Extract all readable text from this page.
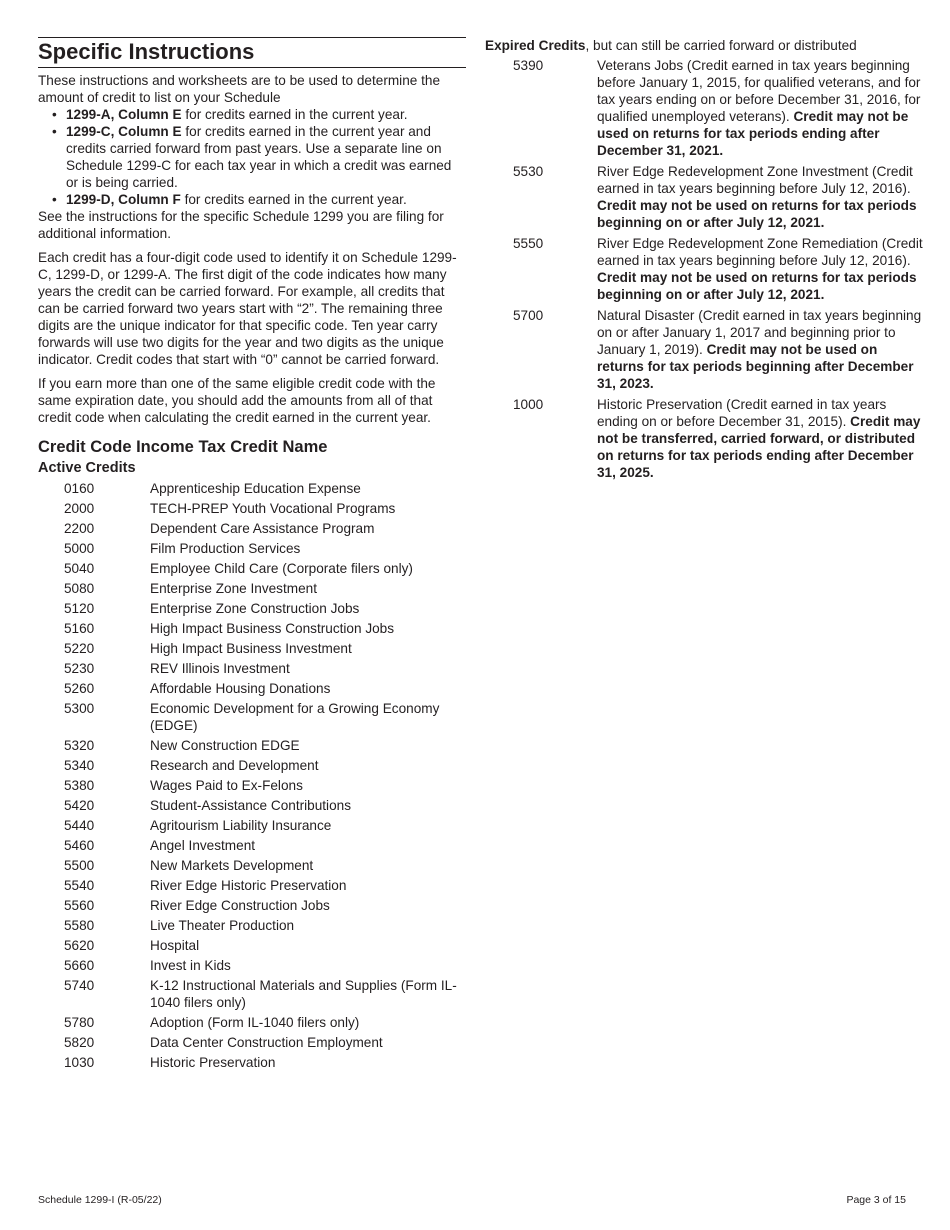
Specific Instructions

These instructions and worksheets are to be used to determine the amount of credit to list on your Schedule

• 1299-A, Column E for credits earned in the current year.
• 1299-C, Column E for credits earned in the current year and credits carried forward from past years. Use a separate line on Schedule 1299-C for each tax year in which a credit was earned or is being carried.
• 1299-D, Column F for credits earned in the current year.

See the instructions for the specific Schedule 1299 you are filing for additional information.

Each credit has a four-digit code used to identify it on Schedule 1299-C, 1299-D, or 1299-A. The first digit of the code indicates how many years the credit can be carried forward. For example, all credits that can be carried forward two years start with “2”. The remaining three digits are the unique indicator for that specific code. Ten year carry forwards will use two digits for the year and two digits as the unique indicator. Credit codes that start with “0” cannot be carried forward.

If you earn more than one of the same eligible credit code with the same expiration date, you should add the amounts from all of that credit code when calculating the credit earned in the current year.

Credit Code Income Tax Credit Name
Active Credits
0160	Apprenticeship Education Expense
2000	TECH-PREP Youth Vocational Programs
2200	Dependent Care Assistance Program
5000	Film Production Services
5040	Employee Child Care (Corporate filers only)
5080	Enterprise Zone Investment
5120	Enterprise Zone Construction Jobs
5160	High Impact Business Construction Jobs
5220	High Impact Business Investment
5230	REV Illinois Investment
5260	Affordable Housing Donations
5300	Economic Development for a Growing Economy (EDGE)
5320	New Construction EDGE
5340	Research and Development
5380	Wages Paid to Ex-Felons
5420	Student-Assistance Contributions
5440	Agritourism Liability Insurance
5460	Angel Investment
5500	New Markets Development
5540	River Edge Historic Preservation
5560	River Edge Construction Jobs
5580	Live Theater Production
5620	Hospital
5660	Invest in Kids
5740	K-12 Instructional Materials and Supplies (Form IL-1040 filers only)
5780	Adoption (Form IL-1040 filers only)
5820	Data Center Construction Employment
1030	Historic Preservation

Expired Credits, but can still be carried forward or distributed

5390	Veterans Jobs (Credit earned in tax years beginning before January 1, 2015, for qualified veterans, and for tax years ending on or before December 31, 2016, for qualified unemployed veterans). Credit may not be used on returns for tax periods ending after December 31, 2021.
5530	River Edge Redevelopment Zone Investment (Credit earned in tax years beginning before July 12, 2016). Credit may not be used on returns for tax periods beginning on or after July 12, 2021.
5550	River Edge Redevelopment Zone Remediation (Credit earned in tax years beginning before July 12, 2016). Credit may not be used on returns for tax periods beginning on or after July 12, 2021.
5700	Natural Disaster (Credit earned in tax years beginning on or after January 1, 2017 and beginning prior to January 1, 2019). Credit may not be used on returns for tax periods beginning after December 31, 2023.
1000	Historic Preservation (Credit earned in tax years ending on or before December 31, 2015). Credit may not be transferred, carried forward, or distributed on returns for tax periods ending after December 31, 2025.
Schedule 1299-I (R-05/22)	Page 3 of 15
